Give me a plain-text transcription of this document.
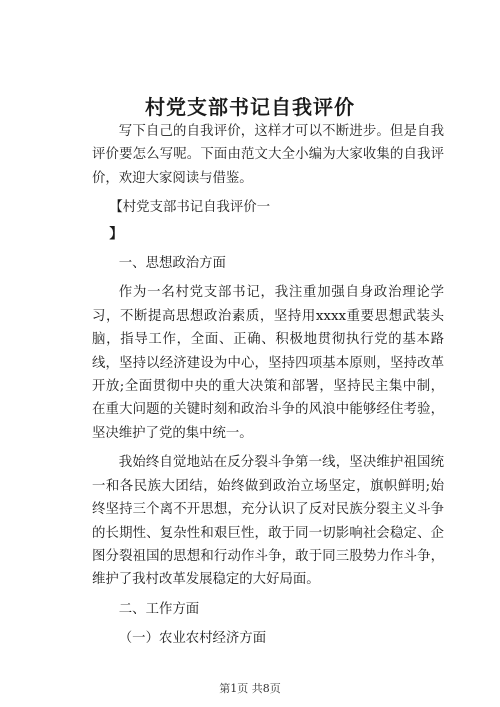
村党支部书记自我评价

写下自己的自我评价，这样才可以不断进步。但是自我评价要怎么写呢。下面由范文大全小编为大家收集的自我评价，欢迎大家阅读与借鉴。

【村党支部书记自我评价一

】

一、思想政治方面

作为一名村党支部书记，我注重加强自身政治理论学习，不断提高思想政治素质，坚持用xxxx重要思想武装头脑，指导工作，全面、正确、积极地贯彻执行党的基本路线，坚持以经济建设为中心，坚持四项基本原则，坚持改革开放;全面贯彻中央的重大决策和部署，坚持民主集中制，在重大问题的关键时刻和政治斗争的风浪中能够经住考验，坚决维护了党的集中统一。

我始终自觉地站在反分裂斗争第一线，坚决维护祖国统一和各民族大团结，始终做到政治立场坚定，旗帜鲜明;始终坚持三个离不开思想，充分认识了反对民族分裂主义斗争的长期性、复杂性和艰巨性，敢于同一切影响社会稳定、企图分裂祖国的思想和行动作斗争，敢于同三股势力作斗争，维护了我村改革发展稳定的大好局面。

二、工作方面

（一）农业农村经济方面

第1页 共8页
